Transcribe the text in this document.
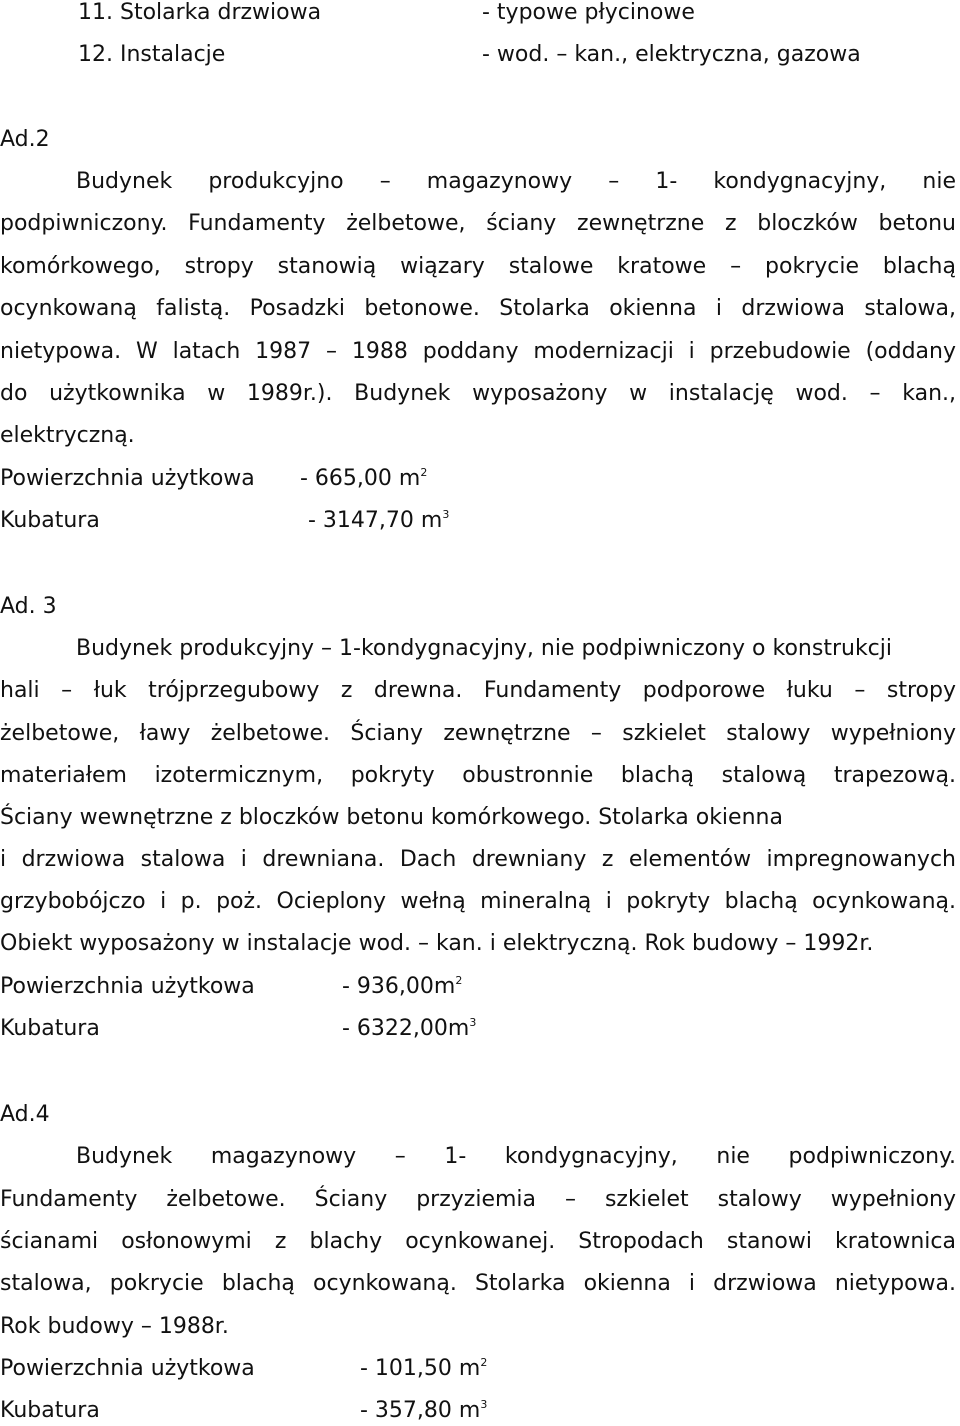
11. Stolarka drzwiowa	- typowe płycinowe
12. Instalacje	- wod. – kan., elektryczna, gazowa
Ad.2
Budynek produkcyjno – magazynowy – 1- kondygnacyjny, nie
podpiwniczony. Fundamenty żelbetowe, ściany zewnętrzne z bloczków betonu
komórkowego, stropy stanowią wiązary stalowe kratowe – pokrycie blachą
ocynkowaną falistą. Posadzki betonowe. Stolarka okienna i drzwiowa stalowa,
nietypowa. W latach 1987 – 1988 poddany modernizacji i przebudowie (oddany
do użytkownika w 1989r.). Budynek wyposażony w instalację wod. – kan.,
elektryczną.
Powierzchnia użytkowa - 665,00 $m^2$
Kubatura	- 3147,70 $m^3$
Ad. 3
Budynek produkcyjny – 1-kondygnacyjny, nie podpiwniczony o konstrukcji
hali – łuk trójprzegubowy z drewna. Fundamenty podporowe łuku – stropy
żelbetowe, ławy żelbetowe. Ściany zewnętrzne – szkielet stalowy wypełniony
materiałem izotermicznym, pokryty obustronnie blachą stalową trapezową.
Ściany wewnętrzne z bloczków betonu komórkowego. Stolarka okienna
i drzwiowa stalowa i drewniana. Dach drewniany z elementów impregnowanych
grzybobójczo i p. poż. Ocieplony wełną mineralną i pokryty blachą ocynkowaną.
Obiekt wyposażony w instalacje wod. – kan. i elektryczną. Rok budowy – 1992r.
Powierzchnia użytkowa	- $936,00m^2$
Kubatura	- $6322,00m^3$
Ad.4
Budynek magazynowy – 1- kondygnacyjny, nie podpiwniczony.
Fundamenty żelbetowe. Ściany przyziemia – szkielet stalowy wypełniony
ścianami osłonowymi z blachy ocynkowanej. Stropodach stanowi kratownica
stalowa, pokrycie blachą ocynkowaną. Stolarka okienna i drzwiowa nietypowa.
Rok budowy – 1988r.
Powierzchnia użytkowa	- 101,50 $m^2$
Kubatura	- 357,80 $m^3$
